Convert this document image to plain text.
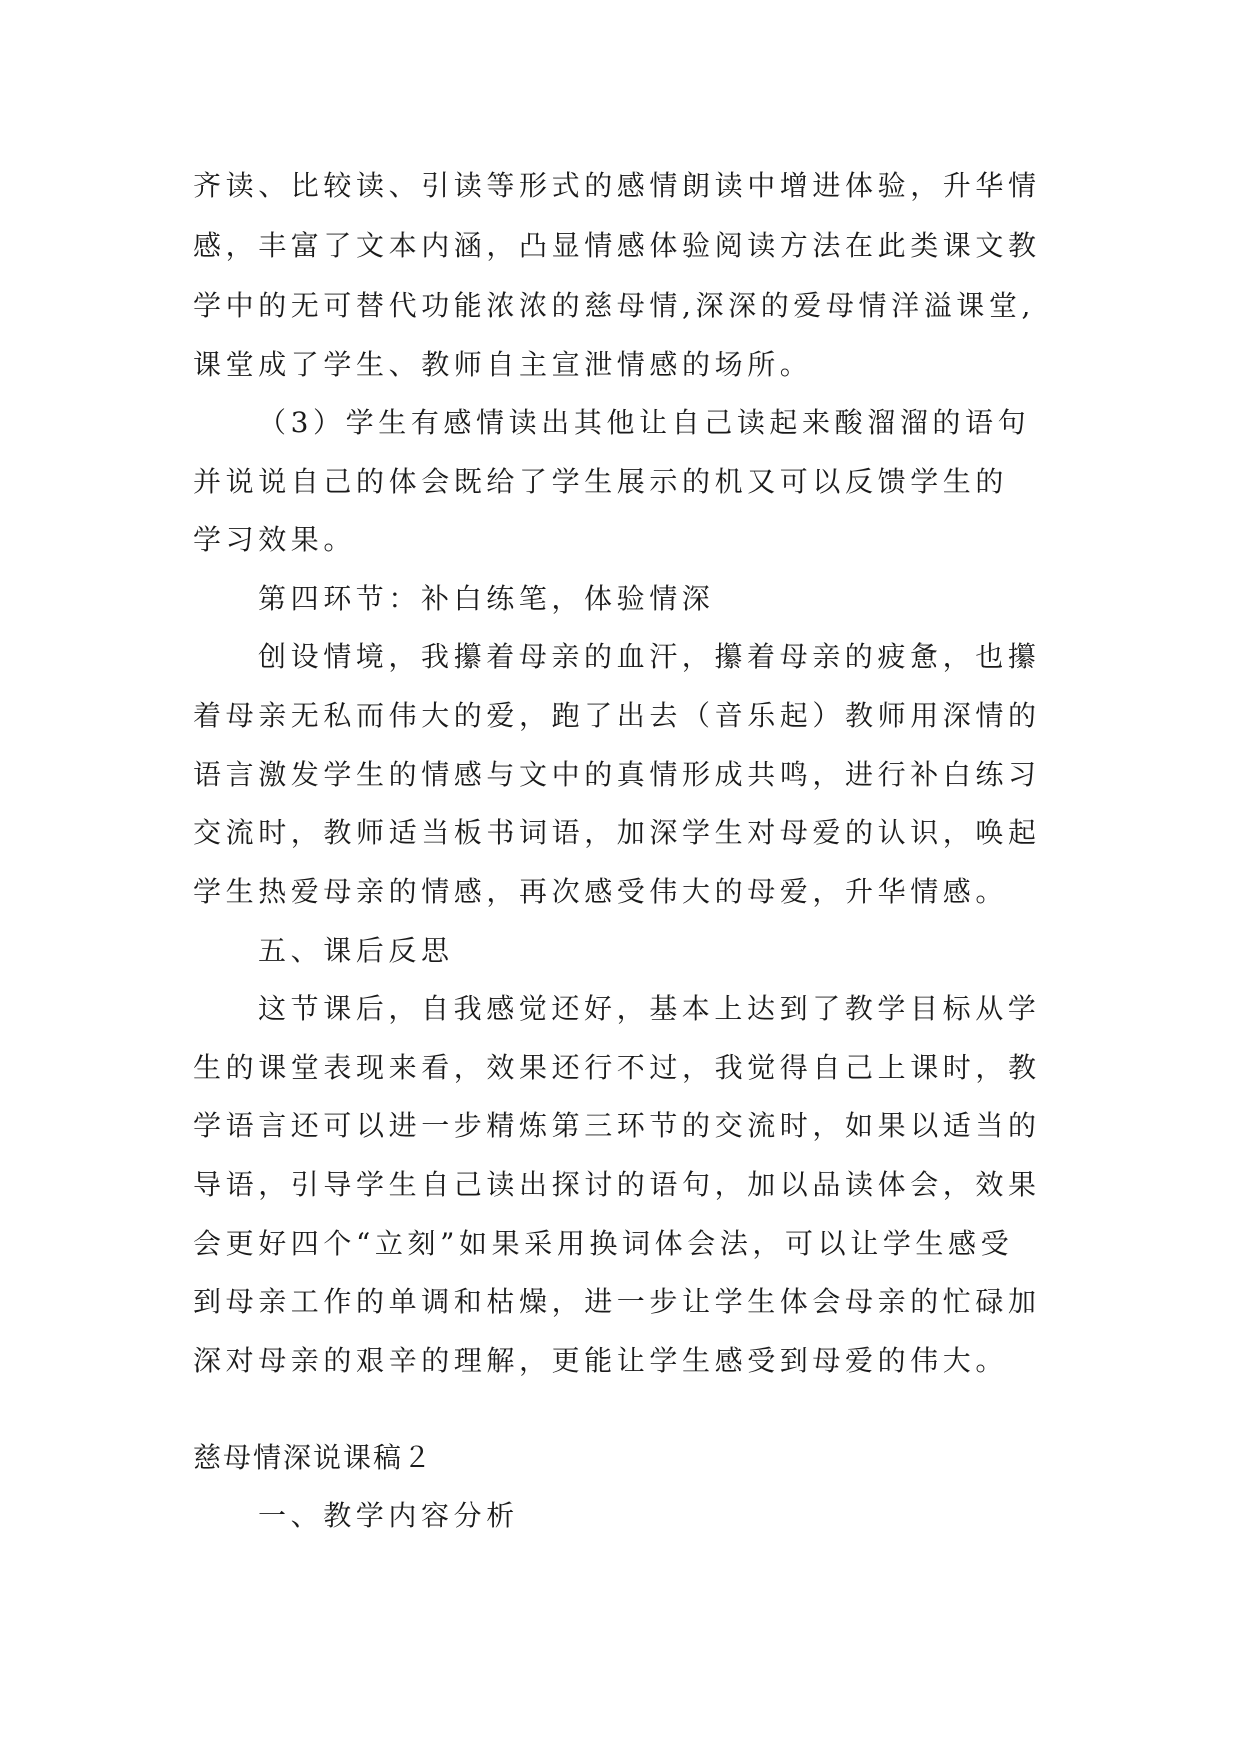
齐读、比较读、引读等形式的感情朗读中增进体验，升华情
感，丰富了文本内涵，凸显情感体验阅读方法在此类课文教
学中的无可替代功能浓浓的慈母情,深深的爱母情洋溢课堂,
课堂成了学生、教师自主宣泄情感的场所。
（3）学生有感情读出其他让自己读起来酸溜溜的语句
并说说自己的体会既给了学生展示的机又可以反馈学生的
学习效果。
第四环节：补白练笔，体验情深
创设情境，我攥着母亲的血汗，攥着母亲的疲惫，也攥
着母亲无私而伟大的爱，跑了出去（音乐起）教师用深情的
语言激发学生的情感与文中的真情形成共鸣，进行补白练习
交流时，教师适当板书词语，加深学生对母爱的认识，唤起
学生热爱母亲的情感，再次感受伟大的母爱，升华情感。
五、课后反思
这节课后，自我感觉还好，基本上达到了教学目标从学
生的课堂表现来看，效果还行不过，我觉得自己上课时，教
学语言还可以进一步精炼第三环节的交流时，如果以适当的
导语，引导学生自己读出探讨的语句，加以品读体会，效果
会更好四个“立刻”如果采用换词体会法，可以让学生感受
到母亲工作的单调和枯燥，进一步让学生体会母亲的忙碌加
深对母亲的艰辛的理解，更能让学生感受到母爱的伟大。
慈母情深说课稿２
一、教学内容分析
